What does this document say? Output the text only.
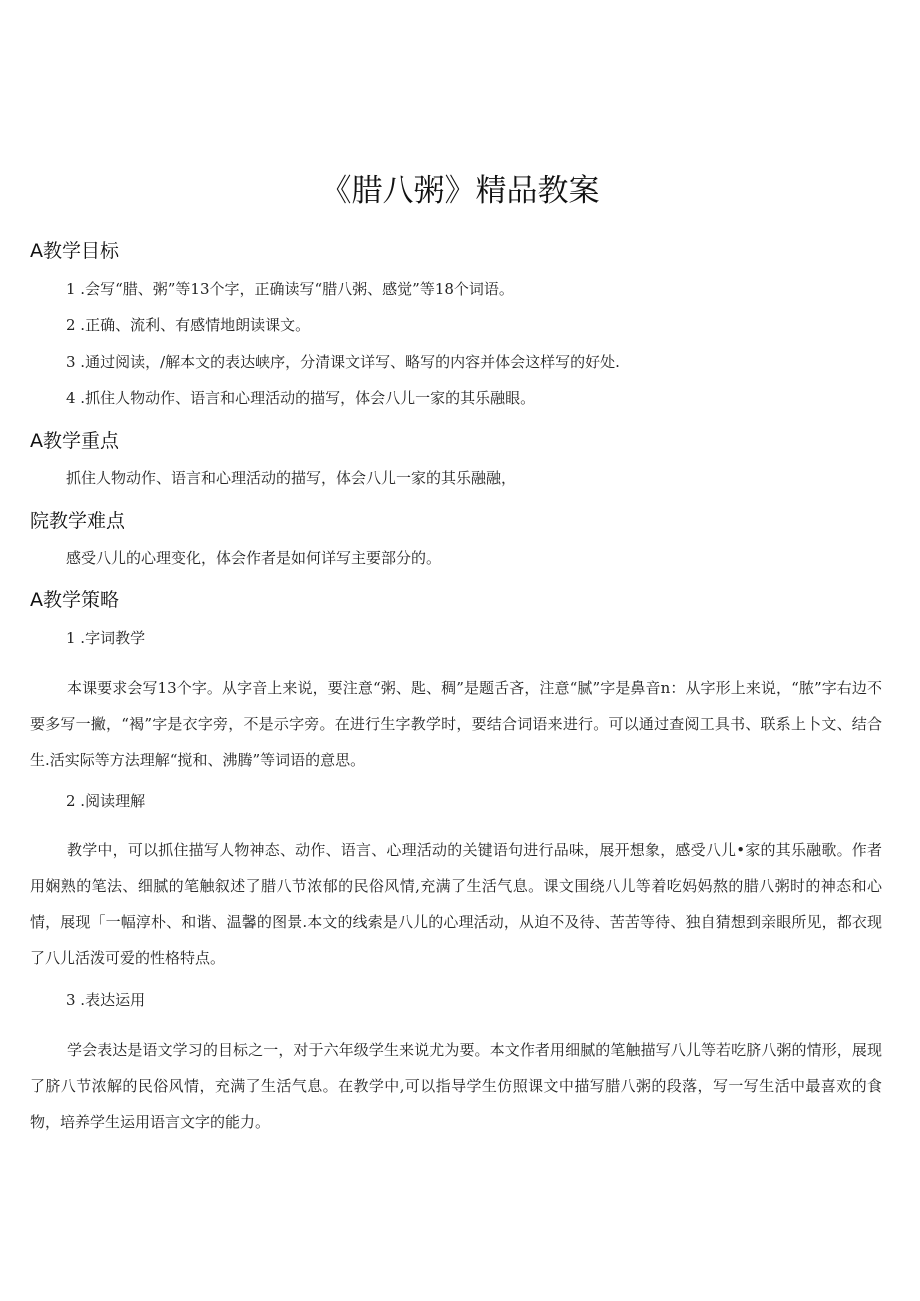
《腊八粥》精品教案
A教学目标
1 .会写“腊、粥”等13个字，正确读写“腊八粥、感觉”等18个词语。
2 .正确、流利、有感情地朗读课文。
3 .通过阅读，/解本文的表达峡序，分清课文详写、略写的内容并体会这样写的好处.
4 .抓住人物动作、语言和心理活动的描写，体会八儿一家的其乐融眼。
A教学重点
抓住人物动作、语言和心理活动的描写，体会八儿一家的其乐融融，
院教学难点
感受八儿的心理变化，体会作者是如何详写主要部分的。
A教学策略
1 .字词教学
本课要求会写13个字。从字音上来说，要注意“粥、匙、稠”是题舌吝，注意“腻”字是鼻音n：从字形上来说，“脓”字右边不要多写一撇，“褐”字是衣字旁，不是示字旁。在进行生字教学时，要结合词语来进行。可以通过查阅工具书、联系上卜文、结合生.活实际等方法理解“搅和、沸腾”等词语的意思。
2 .阅读理解
教学中，可以抓住描写人物神态、动作、语言、心理活动的关键语句进行品味，展开想象，感受八儿•家的其乐融歌。作者用娴熟的笔法、细腻的笔触叙述了腊八节浓郁的民俗风情,充满了生活气息。课文围绕八儿等着吃妈妈熬的腊八粥时的神态和心情，展现「一幅淳朴、和谐、温馨的图景.本文的线索是八儿的心理活动，从迫不及待、苦苦等待、独自猜想到亲眼所见，都衣现了八儿活泼可爱的性格特点。
3 .表达运用
学会表达是语文学习的目标之一，对于六年级学生来说尤为要。本文作者用细腻的笔触描写八儿等若吃脐八粥的情形，展现了脐八节浓解的民俗风情，充满了生活气息。在教学中,可以指导学生仿照课文中描写腊八粥的段落，写一写生活中最喜欢的食物，培养学生运用语言文字的能力。
